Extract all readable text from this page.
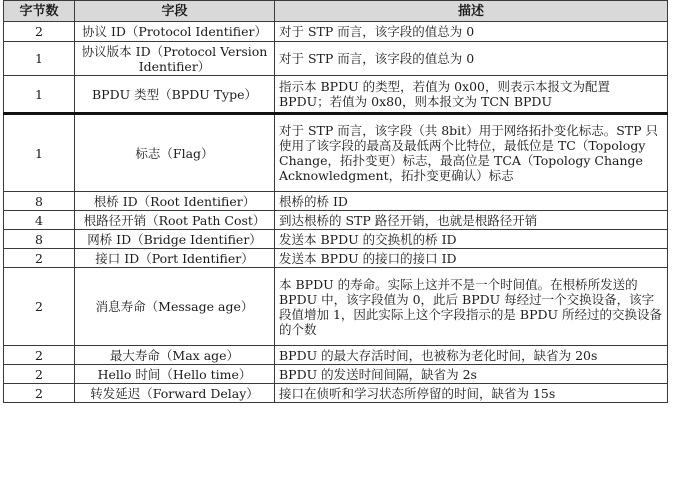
字节数	字段	描述
2	协议 ID（Protocol Identifier）	对于 STP 而言，该字段的值总为 0
1	协议版本 ID（Protocol Version Identifier）	对于 STP 而言，该字段的值总为 0
1	BPDU 类型（BPDU Type）	指示本 BPDU 的类型，若值为 0x00，则表示本报文为配置 BPDU；若值为 0x80，则本报文为 TCN BPDU
1	标志（Flag）	对于 STP 而言，该字段（共 8bit）用于网络拓扑变化标志。STP 只使用了该字段的最高及最低两个比特位，最低位是 TC（Topology Change，拓扑变更）标志，最高位是 TCA（Topology Change Acknowledgment，拓扑变更确认）标志
8	根桥 ID（Root Identifier）	根桥的桥 ID
4	根路径开销（Root Path Cost）	到达根桥的 STP 路径开销，也就是根路径开销
8	网桥 ID（Bridge Identifier）	发送本 BPDU 的交换机的桥 ID
2	接口 ID（Port Identifier）	发送本 BPDU 的接口的接口 ID
2	消息寿命（Message age）	本 BPDU 的寿命。实际上这并不是一个时间值。在根桥所发送的 BPDU 中，该字段值为 0，此后 BPDU 每经过一个交换设备，该字段值增加 1，因此实际上这个字段指示的是 BPDU 所经过的交换设备的个数
2	最大寿命（Max age）	BPDU 的最大存活时间，也被称为老化时间，缺省为 20s
2	Hello 时间（Hello time）	BPDU 的发送时间间隔，缺省为 2s
2	转发延迟（Forward Delay）	接口在侦听和学习状态所停留的时间，缺省为 15s
